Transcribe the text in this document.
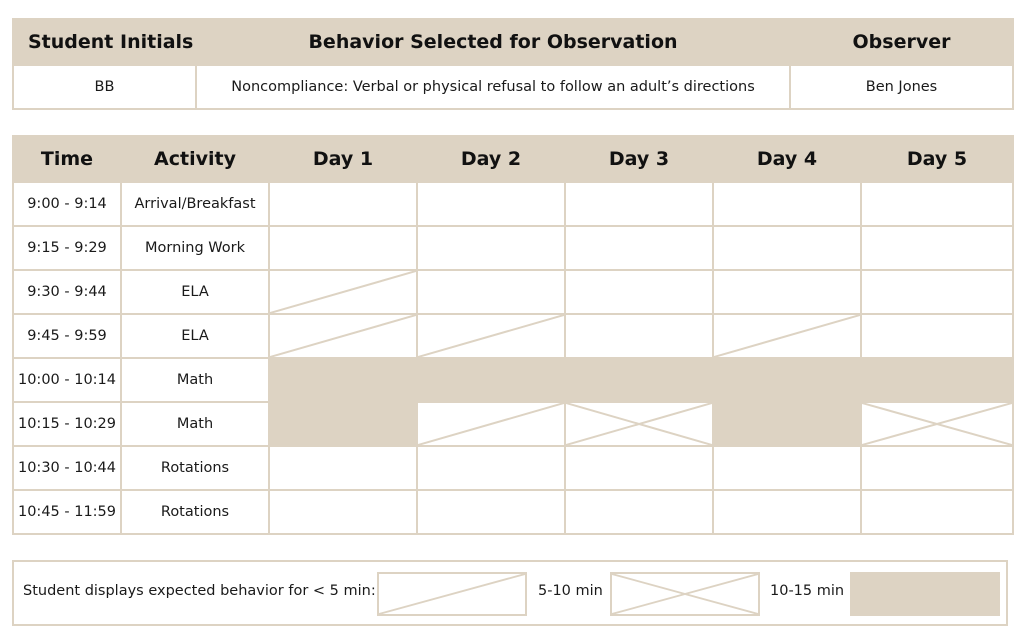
Student Initials	Behavior Selected for Observation	Observer
BB	Noncompliance: Verbal or physical refusal to follow an adult’s directions	Ben Jones
Time	Activity	Day 1	Day 2	Day 3	Day 4	Day 5
9:00 - 9:14	Arrival/Breakfast					
9:15 - 9:29	Morning Work					
9:30 - 9:44	ELA	

9:45 - 9:59	ELA	

10:00 - 10:14	Math					
10:15 - 10:29	Math		

10:30 - 10:44	Rotations					
10:45 - 11:59	Rotations					
Student displays expected behavior for < 5 min:	5-10 min	10-15 min
